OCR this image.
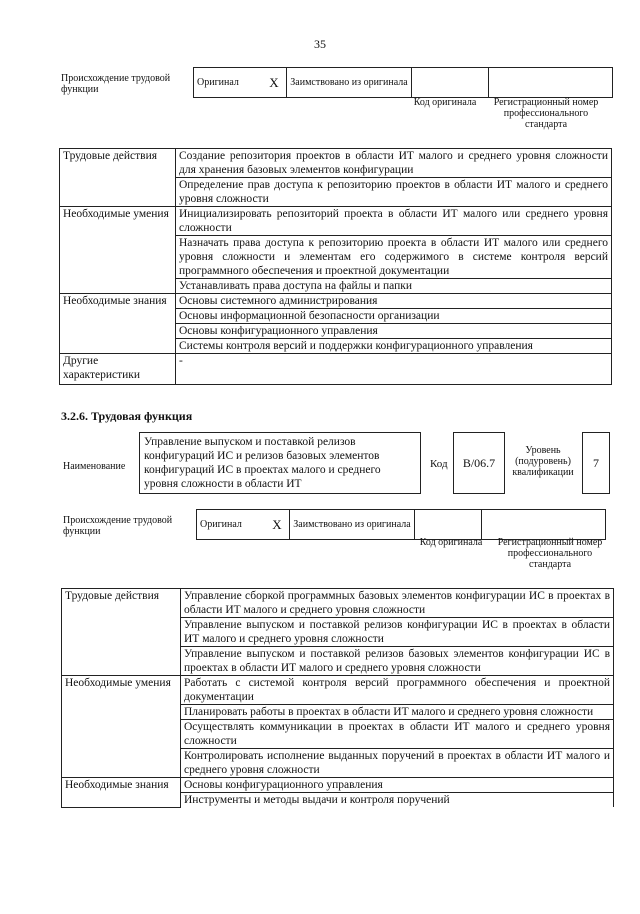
35
Происхождение трудовой функции
Оригинал	X	Заимствовано из оригинала		
Код оригинала	Регистрационный номер профессионального стандарта
Трудовые действия	Создание репозитория проектов в области ИТ малого и среднего уровня сложности для хранения базовых элементов конфигурации
	Определение прав доступа к репозиторию проектов в области ИТ малого и среднего уровня сложности
Необходимые умения	Инициализировать репозиторий проекта в области ИТ малого или среднего уровня сложности
	Назначать права доступа к репозиторию проекта в области ИТ малого или среднего уровня сложности и элементам его содержимого в системе контроля версий программного обеспечения и проектной документации
	Устанавливать права доступа на файлы и папки
Необходимые знания	Основы системного администрирования
	Основы информационной безопасности организации
	Основы конфигурационного управления
	Системы контроля версий и поддержки конфигурационного управления
Другие характеристики	-
3.2.6. Трудовая функция
Наименование
Управление выпуском и поставкой релизов конфигураций ИС и релизов базовых элементов конфигураций ИС в проектах малого и среднего уровня сложности в области ИТ
Код	B/06.7
Уровень (подуровень) квалификации
7
Происхождение трудовой функции
Оригинал	X	Заимствовано из оригинала		
Код оригинала	Регистрационный номер профессионального стандарта
Трудовые действия	Управление сборкой программных базовых элементов конфигурации ИС в проектах в области ИТ малого и среднего уровня сложности
	Управление выпуском и поставкой релизов конфигурации ИС в проектах в области ИТ малого и среднего уровня сложности
	Управление выпуском и поставкой релизов базовых элементов конфигурации ИС в проектах в области ИТ малого и среднего уровня сложности
Необходимые умения	Работать с системой контроля версий программного обеспечения и проектной документации
	Планировать работы в проектах в области ИТ малого и среднего уровня сложности
	Осуществлять коммуникации в проектах в области ИТ малого и среднего уровня сложности
	Контролировать исполнение выданных поручений в проектах в области ИТ малого и среднего уровня сложности
Необходимые знания	Основы конфигурационного управления
	Инструменты и методы выдачи и контроля поручений
